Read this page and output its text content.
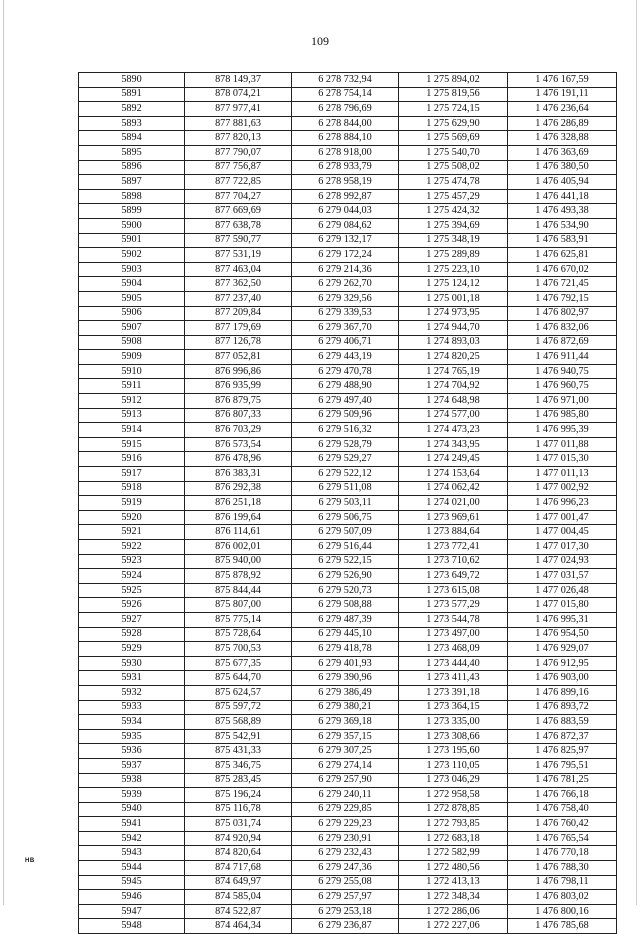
109
5890	878 149,37	6 278 732,94	1 275 894,02	1 476 167,59
5891	878 074,21	6 278 754,14	1 275 819,56	1 476 191,11
5892	877 977,41	6 278 796,69	1 275 724,15	1 476 236,64
5893	877 881,63	6 278 844,00	1 275 629,90	1 476 286,89
5894	877 820,13	6 278 884,10	1 275 569,69	1 476 328,88
5895	877 790,07	6 278 918,00	1 275 540,70	1 476 363,69
5896	877 756,87	6 278 933,79	1 275 508,02	1 476 380,50
5897	877 722,85	6 278 958,19	1 275 474,78	1 476 405,94
5898	877 704,27	6 278 992,87	1 275 457,29	1 476 441,18
5899	877 669,69	6 279 044,03	1 275 424,32	1 476 493,38
5900	877 638,78	6 279 084,62	1 275 394,69	1 476 534,90
5901	877 590,77	6 279 132,17	1 275 348,19	1 476 583,91
5902	877 531,19	6 279 172,24	1 275 289,89	1 476 625,81
5903	877 463,04	6 279 214,36	1 275 223,10	1 476 670,02
5904	877 362,50	6 279 262,70	1 275 124,12	1 476 721,45
5905	877 237,40	6 279 329,56	1 275 001,18	1 476 792,15
5906	877 209,84	6 279 339,53	1 274 973,95	1 476 802,97
5907	877 179,69	6 279 367,70	1 274 944,70	1 476 832,06
5908	877 126,78	6 279 406,71	1 274 893,03	1 476 872,69
5909	877 052,81	6 279 443,19	1 274 820,25	1 476 911,44
5910	876 996,86	6 279 470,78	1 274 765,19	1 476 940,75
5911	876 935,99	6 279 488,90	1 274 704,92	1 476 960,75
5912	876 879,75	6 279 497,40	1 274 648,98	1 476 971,00
5913	876 807,33	6 279 509,96	1 274 577,00	1 476 985,80
5914	876 703,29	6 279 516,32	1 274 473,23	1 476 995,39
5915	876 573,54	6 279 528,79	1 274 343,95	1 477 011,88
5916	876 478,96	6 279 529,27	1 274 249,45	1 477 015,30
5917	876 383,31	6 279 522,12	1 274 153,64	1 477 011,13
5918	876 292,38	6 279 511,08	1 274 062,42	1 477 002,92
5919	876 251,18	6 279 503,11	1 274 021,00	1 476 996,23
5920	876 199,64	6 279 506,75	1 273 969,61	1 477 001,47
5921	876 114,61	6 279 507,09	1 273 884,64	1 477 004,45
5922	876 002,01	6 279 516,44	1 273 772,41	1 477 017,30
5923	875 940,00	6 279 522,15	1 273 710,62	1 477 024,93
5924	875 878,92	6 279 526,90	1 273 649,72	1 477 031,57
5925	875 844,44	6 279 520,73	1 273 615,08	1 477 026,48
5926	875 807,00	6 279 508,88	1 273 577,29	1 477 015,80
5927	875 775,14	6 279 487,39	1 273 544,78	1 476 995,31
5928	875 728,64	6 279 445,10	1 273 497,00	1 476 954,50
5929	875 700,53	6 279 418,78	1 273 468,09	1 476 929,07
5930	875 677,35	6 279 401,93	1 273 444,40	1 476 912,95
5931	875 644,70	6 279 390,96	1 273 411,43	1 476 903,00
5932	875 624,57	6 279 386,49	1 273 391,18	1 476 899,16
5933	875 597,72	6 279 380,21	1 273 364,15	1 476 893,72
5934	875 568,89	6 279 369,18	1 273 335,00	1 476 883,59
5935	875 542,91	6 279 357,15	1 273 308,66	1 476 872,37
5936	875 431,33	6 279 307,25	1 273 195,60	1 476 825,97
5937	875 346,75	6 279 274,14	1 273 110,05	1 476 795,51
5938	875 283,45	6 279 257,90	1 273 046,29	1 476 781,25
5939	875 196,24	6 279 240,11	1 272 958,58	1 476 766,18
5940	875 116,78	6 279 229,85	1 272 878,85	1 476 758,40
5941	875 031,74	6 279 229,23	1 272 793,85	1 476 760,42
5942	874 920,94	6 279 230,91	1 272 683,18	1 476 765,54
5943	874 820,64	6 279 232,43	1 272 582,99	1 476 770,18
5944	874 717,68	6 279 247,36	1 272 480,56	1 476 788,30
5945	874 649,97	6 279 255,08	1 272 413,13	1 476 798,11
5946	874 585,04	6 279 257,97	1 272 348,34	1 476 803,02
5947	874 522,87	6 279 253,18	1 272 286,06	1 476 800,16
5948	874 464,34	6 279 236,87	1 272 227,06	1 476 785,68
НВ
